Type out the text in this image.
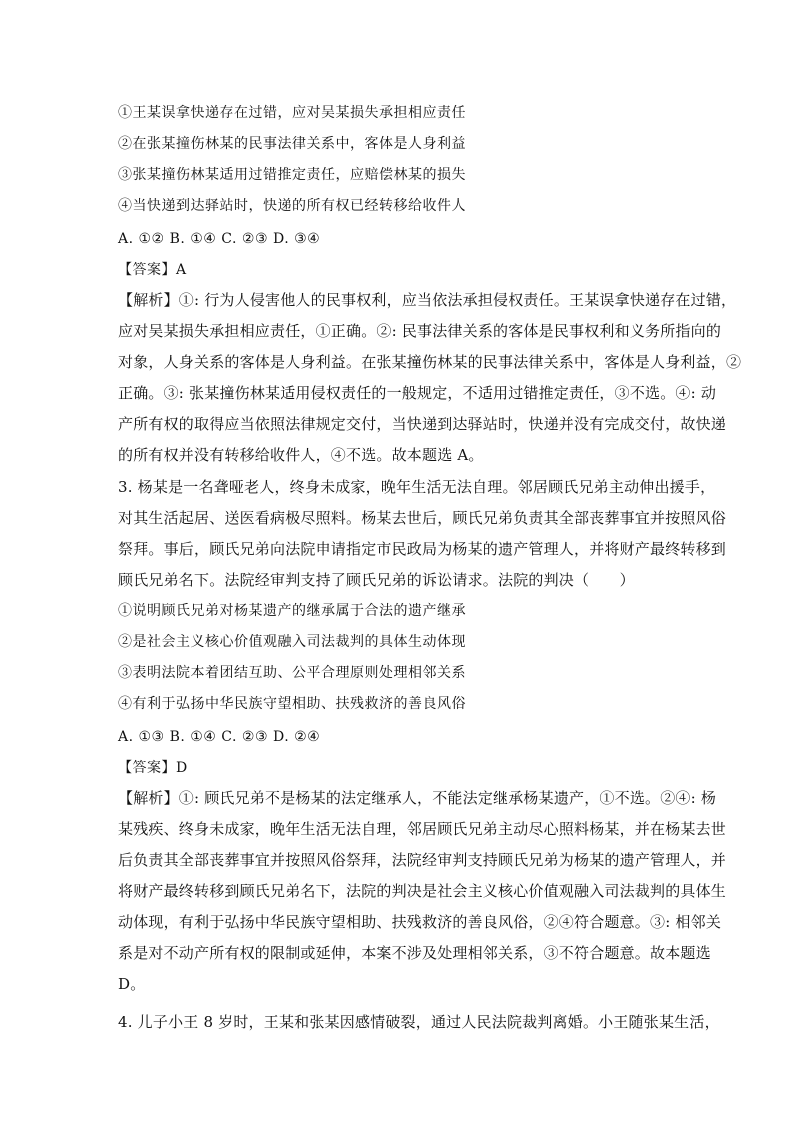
①王某误拿快递存在过错，应对吴某损失承担相应责任
②在张某撞伤林某的民事法律关系中，客体是人身利益
③张某撞伤林某适用过错推定责任，应赔偿林某的损失
④当快递到达驿站时，快递的所有权已经转移给收件人
A. ①② B. ①④ C. ②③ D. ③④
【答案】A
【解析】①: 行为人侵害他人的民事权利，应当依法承担侵权责任。王某误拿快递存在过错，
应对吴某损失承担相应责任，①正确。②: 民事法律关系的客体是民事权利和义务所指向的
对象，人身关系的客体是人身利益。在张某撞伤林某的民事法律关系中，客体是人身利益，②
正确。③: 张某撞伤林某适用侵权责任的一般规定，不适用过错推定责任，③不选。④: 动
产所有权的取得应当依照法律规定交付，当快递到达驿站时，快递并没有完成交付，故快递
的所有权并没有转移给收件人，④不选。故本题选 A。
3. 杨某是一名聋哑老人，终身未成家，晚年生活无法自理。邻居顾氏兄弟主动伸出援手，
对其生活起居、送医看病极尽照料。杨某去世后，顾氏兄弟负责其全部丧葬事宜并按照风俗
祭拜。事后，顾氏兄弟向法院申请指定市民政局为杨某的遗产管理人，并将财产最终转移到
顾氏兄弟名下。法院经审判支持了顾氏兄弟的诉讼请求。法院的判决（　　）
①说明顾氏兄弟对杨某遗产的继承属于合法的遗产继承
②是社会主义核心价值观融入司法裁判的具体生动体现
③表明法院本着团结互助、公平合理原则处理相邻关系
④有利于弘扬中华民族守望相助、扶残救济的善良风俗
A. ①③ B. ①④ C. ②③ D. ②④
【答案】D
【解析】①: 顾氏兄弟不是杨某的法定继承人，不能法定继承杨某遗产，①不选。②④: 杨
某残疾、终身未成家，晚年生活无法自理，邻居顾氏兄弟主动尽心照料杨某，并在杨某去世
后负责其全部丧葬事宜并按照风俗祭拜，法院经审判支持顾氏兄弟为杨某的遗产管理人，并
将财产最终转移到顾氏兄弟名下，法院的判决是社会主义核心价值观融入司法裁判的具体生
动体现，有利于弘扬中华民族守望相助、扶残救济的善良风俗，②④符合题意。③: 相邻关
系是对不动产所有权的限制或延伸，本案不涉及处理相邻关系，③不符合题意。故本题选
D。
4. 儿子小王 8 岁时，王某和张某因感情破裂，通过人民法院裁判离婚。小王随张某生活，
